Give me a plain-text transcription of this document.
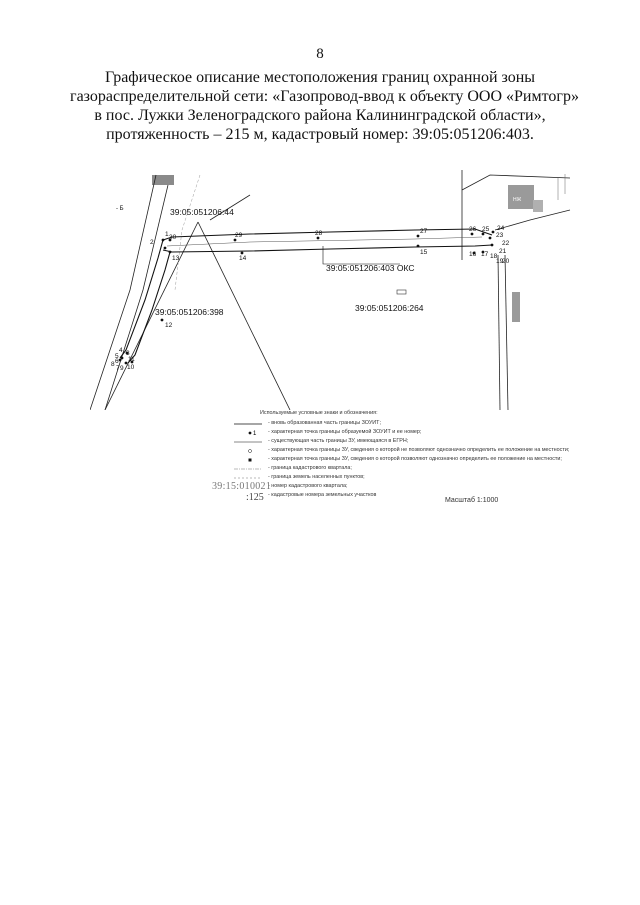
8
Графическое описание местоположения границ охранной зоны
газораспределительной сети: «Газопровод-ввод к объекту ООО «Римтогр»
в пос. Лужки Зеленоградского района Калининградской области»,
протяженность – 215 м, кадастровый номер: 39:05:051206:403.
1
2
3
4
5
6
7
8
9 10
11
12
13	14
15	16 17 18
19
20
21
22
23
24
25
26
27
28
29
30
39:05:051206:44
39:05:051206:398	39:05:051206:264
39:05:051206:403 ОКС
- Б
НЖ
Используемые условные знаки и обозначения:
- вновь образованная часть границы ЗОУИТ;
1 - характерная точка границы образуемой ЗОУИТ и ее номер;
- существующая часть границы ЗУ, имеющаяся в ЕГРН;
- характерная точка границы ЗУ, сведения о которой не позволяют однозначно определить ее положение на местности;
- характерная точка границы ЗУ, сведения о которой позволяют однозначно определить ее положение на местности;
- граница кадастрового квартала;
- граница земель населенных пунктов;
- номер кадастрового квартала;
- кадастровые номера земельных участков
39:15:010021
:125	Масштаб 1:1000
